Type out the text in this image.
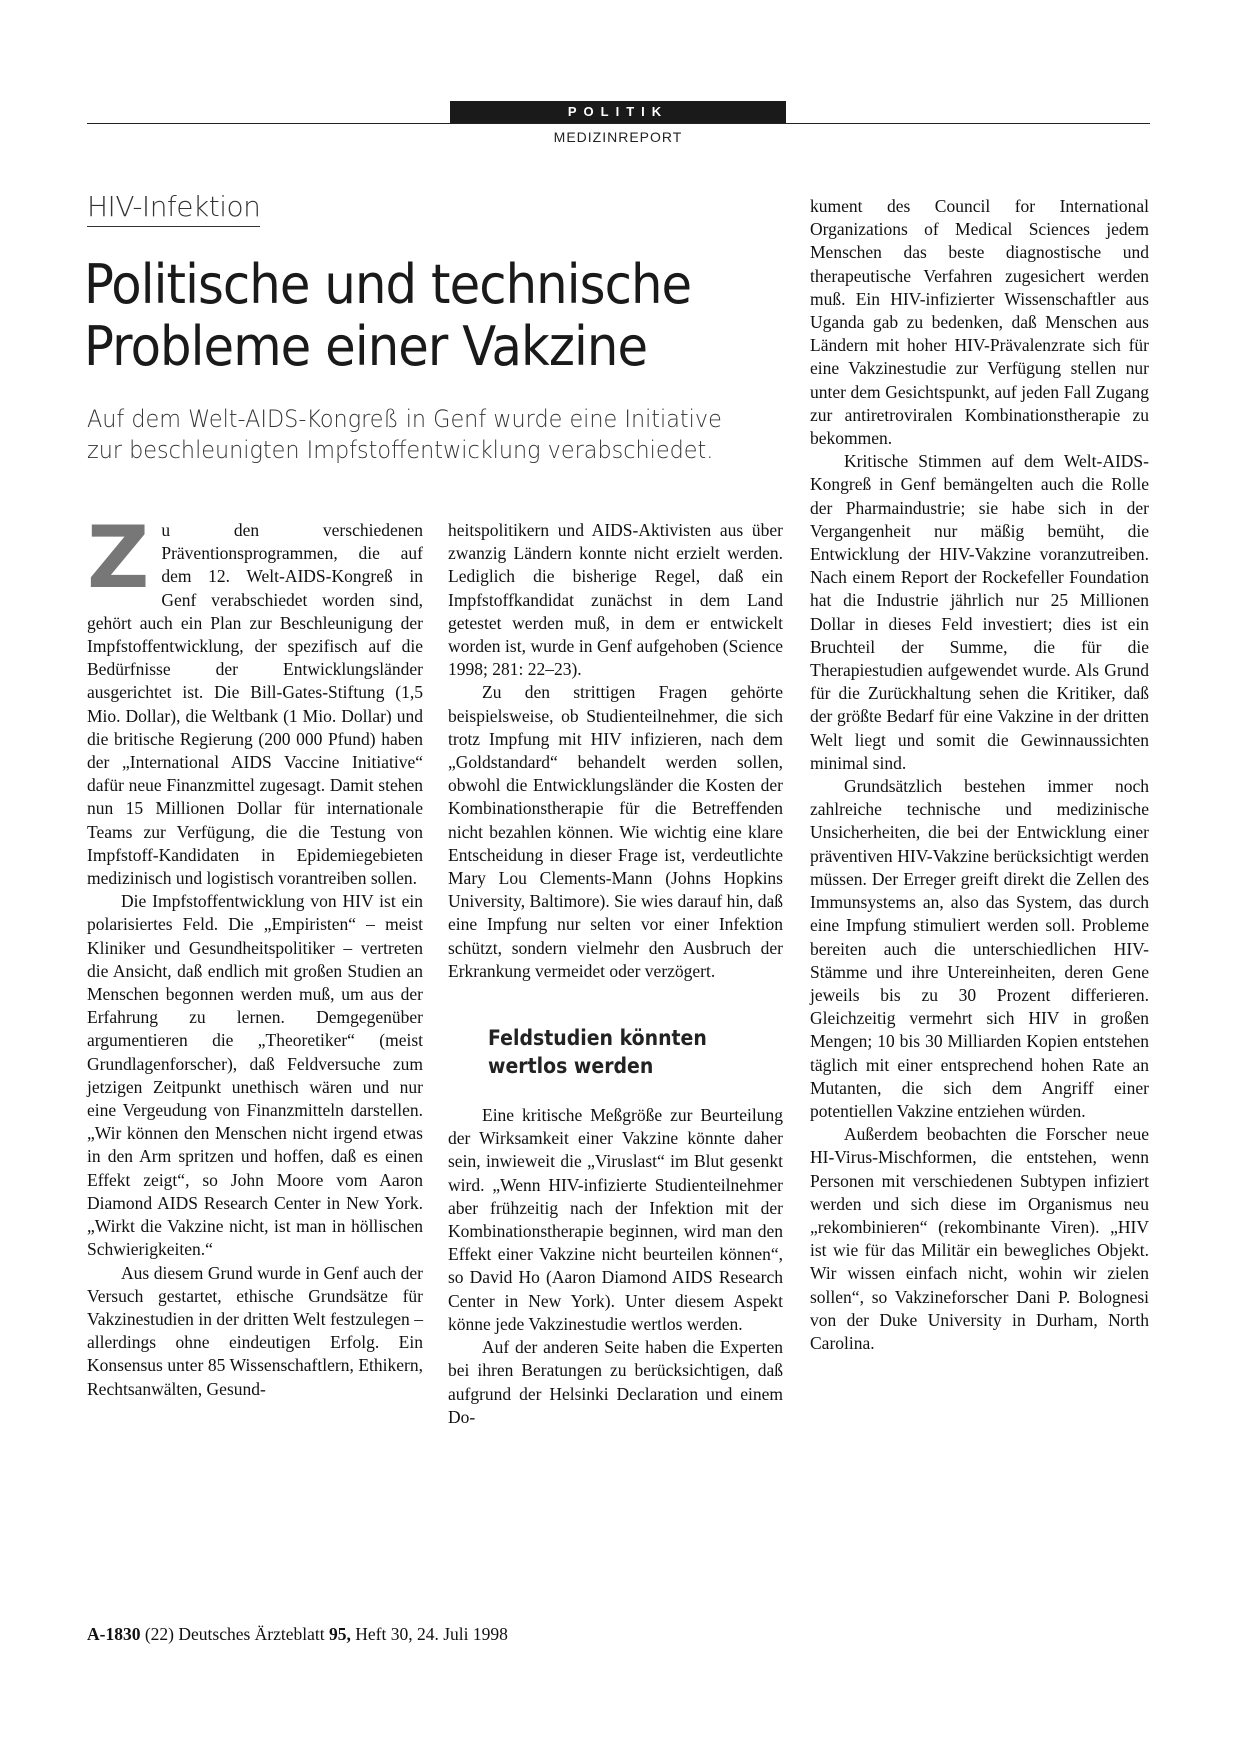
POLITIK
MEDIZINREPORT
HIV-Infektion
Politische und technische
Probleme einer Vakzine
Auf dem Welt-AIDS-Kongreß in Genf wurde eine Initiative zur beschleunigten Impfstoffentwicklung verabschiedet.
Z u den verschiedenen Präventionsprogrammen, die auf dem 12. Welt-AIDS-Kongreß in Genf verabschiedet worden sind, gehört auch ein Plan zur Beschleunigung der Impfstoffentwicklung, der spezifisch auf die Bedürfnisse der Entwicklungsländer ausgerichtet ist. Die Bill-Gates-Stiftung (1,5 Mio. Dollar), die Weltbank (1 Mio. Dollar) und die britische Regierung (200 000 Pfund) haben der „International AIDS Vaccine Initiative“ dafür neue Finanzmittel zugesagt. Damit stehen nun 15 Millionen Dollar für internationale Teams zur Verfügung, die die Testung von Impfstoff-Kandidaten in Epidemiegebieten medizinisch und logistisch vorantreiben sollen.

Die Impfstoffentwicklung von HIV ist ein polarisiertes Feld. Die „Empiristen“ – meist Kliniker und Gesundheitspolitiker – vertreten die Ansicht, daß endlich mit großen Studien an Menschen begonnen werden muß, um aus der Erfahrung zu lernen. Demgegenüber argumentieren die „Theoretiker“ (meist Grundlagenforscher), daß Feldversuche zum jetzigen Zeitpunkt unethisch wären und nur eine Vergeudung von Finanzmitteln darstellen. „Wir können den Menschen nicht irgend etwas in den Arm spritzen und hoffen, daß es einen Effekt zeigt“, so John Moore vom Aaron Diamond AIDS Research Center in New York. „Wirkt die Vakzine nicht, ist man in höllischen Schwierigkeiten.“

Aus diesem Grund wurde in Genf auch der Versuch gestartet, ethische Grundsätze für Vakzinestudien in der dritten Welt festzulegen – allerdings ohne eindeutigen Erfolg. Ein Konsensus unter 85 Wissenschaftlern, Ethikern, Rechtsanwälten, Gesund-

heitspolitikern und AIDS-Aktivisten aus über zwanzig Ländern konnte nicht erzielt werden. Lediglich die bisherige Regel, daß ein Impfstoffkandidat zunächst in dem Land getestet werden muß, in dem er entwickelt worden ist, wurde in Genf aufgehoben (Science 1998; 281: 22–23).

Zu den strittigen Fragen gehörte beispielsweise, ob Studienteilnehmer, die sich trotz Impfung mit HIV infizieren, nach dem „Goldstandard“ behandelt werden sollen, obwohl die Entwicklungsländer die Kosten der Kombinationstherapie für die Betreffenden nicht bezahlen können. Wie wichtig eine klare Entscheidung in dieser Frage ist, verdeutlichte Mary Lou Clements-Mann (Johns Hopkins University, Baltimore). Sie wies darauf hin, daß eine Impfung nur selten vor einer Infektion schützt, sondern vielmehr den Ausbruch der Erkrankung vermeidet oder verzögert.

Feldstudien könnten
wertlos werden

Eine kritische Meßgröße zur Beurteilung der Wirksamkeit einer Vakzine könnte daher sein, inwieweit die „Viruslast“ im Blut gesenkt wird. „Wenn HIV-infizierte Studienteilnehmer aber frühzeitig nach der Infektion mit der Kombinationstherapie beginnen, wird man den Effekt einer Vakzine nicht beurteilen können“, so David Ho (Aaron Diamond AIDS Research Center in New York). Unter diesem Aspekt könne jede Vakzinestudie wertlos werden.

Auf der anderen Seite haben die Experten bei ihren Beratungen zu berücksichtigen, daß aufgrund der Helsinki Declaration und einem Do-

kument des Council for International Organizations of Medical Sciences jedem Menschen das beste diagnostische und therapeutische Verfahren zugesichert werden muß. Ein HIV-infizierter Wissenschaftler aus Uganda gab zu bedenken, daß Menschen aus Ländern mit hoher HIV-Prävalenzrate sich für eine Vakzinestudie zur Verfügung stellen nur unter dem Gesichtspunkt, auf jeden Fall Zugang zur antiretroviralen Kombinationstherapie zu bekommen.

Kritische Stimmen auf dem Welt-AIDS-Kongreß in Genf bemängelten auch die Rolle der Pharmaindustrie; sie habe sich in der Vergangenheit nur mäßig bemüht, die Entwicklung der HIV-Vakzine voranzutreiben. Nach einem Report der Rockefeller Foundation hat die Industrie jährlich nur 25 Millionen Dollar in dieses Feld investiert; dies ist ein Bruchteil der Summe, die für die Therapiestudien aufgewendet wurde. Als Grund für die Zurückhaltung sehen die Kritiker, daß der größte Bedarf für eine Vakzine in der dritten Welt liegt und somit die Gewinnaussichten minimal sind.

Grundsätzlich bestehen immer noch zahlreiche technische und medizinische Unsicherheiten, die bei der Entwicklung einer präventiven HIV-Vakzine berücksichtigt werden müssen. Der Erreger greift direkt die Zellen des Immunsystems an, also das System, das durch eine Impfung stimuliert werden soll. Probleme bereiten auch die unterschiedlichen HIV-Stämme und ihre Untereinheiten, deren Gene jeweils bis zu 30 Prozent differieren. Gleichzeitig vermehrt sich HIV in großen Mengen; 10 bis 30 Milliarden Kopien entstehen täglich mit einer entsprechend hohen Rate an Mutanten, die sich dem Angriff einer potentiellen Vakzine entziehen würden.

Außerdem beobachten die Forscher neue HI-Virus-Mischformen, die entstehen, wenn Personen mit verschiedenen Subtypen infiziert werden und sich diese im Organismus neu „rekombinieren“ (rekombinante Viren). „HIV ist wie für das Militär ein bewegliches Objekt. Wir wissen einfach nicht, wohin wir zielen sollen“, so Vakzineforscher Dani P. Bolognesi von der Duke University in Durham, North Carolina.

A-1830 (22) Deutsches Ärzteblatt 95, Heft 30, 24. Juli 1998
